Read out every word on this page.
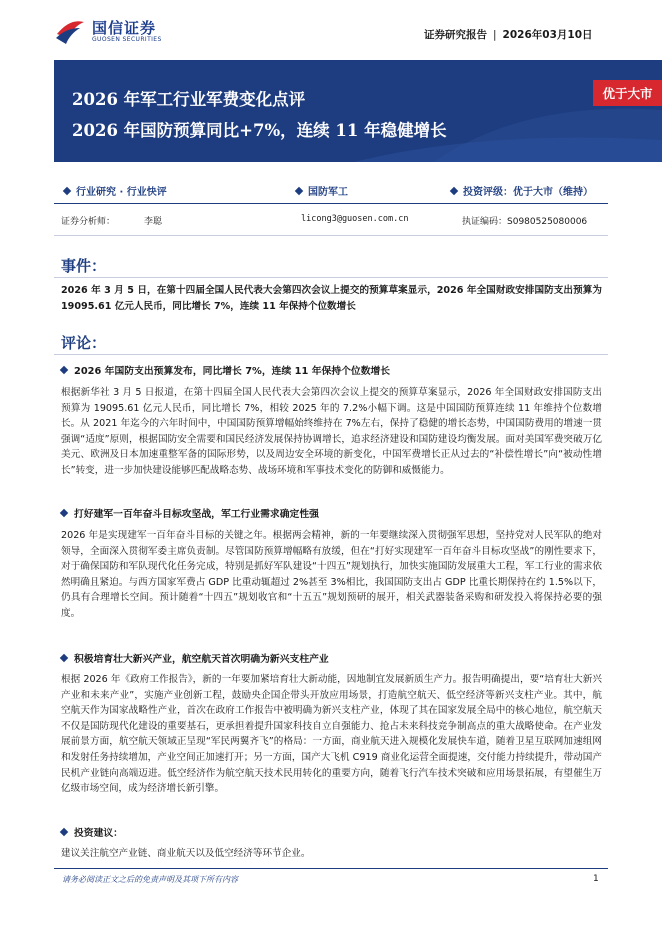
国信证券
GUOSEN SECURITIES	证券研究报告 | 2026年03月10日
2026 年军工行业军费变化点评
2026 年国防预算同比+7%，连续 11 年稳健增长
优于大市
行业研究 · 行业快评	国防军工	投资评级：优于大市（维持）
证券分析师：	李聪	licong3@guosen.com.cn	执证编码：S0980525080006
事件：
2026 年 3 月 5 日，在第十四届全国人民代表大会第四次会议上提交的预算草案显示，2026 年全国财政安排国防支出预算为 19095.61 亿元人民币，同比增长 7%，连续 11 年保持个位数增长
评论：
2026 年国防支出预算发布，同比增长 7%，连续 11 年保持个位数增长
根据新华社 3 月 5 日报道，在第十四届全国人民代表大会第四次会议上提交的预算草案显示，2026 年全国财政安排国防支出预算为 19095.61 亿元人民币，同比增长 7%，相较 2025 年的 7.2%小幅下调。这是中国国防预算连续 11 年维持个位数增长。从 2021 年迄今的六年时间中，中国国防预算增幅始终维持在 7%左右，保持了稳健的增长态势，中国国防费用的增速一贯强调“适度”原则，根据国防安全需要和国民经济发展保持协调增长，追求经济建设和国防建设均衡发展。面对美国军费突破万亿美元、欧洲及日本加速重整军备的国际形势，以及周边安全环境的新变化，中国军费增长正从过去的“补偿性增长”向“被动性增长”转变，进一步加快建设能够匹配战略态势、战场环境和军事技术变化的防御和威慑能力。
打好建军一百年奋斗目标攻坚战，军工行业需求确定性强
2026 年是实现建军一百年奋斗目标的关键之年。根据两会精神，新的一年要继续深入贯彻强军思想，坚持党对人民军队的绝对领导，全面深入贯彻军委主席负责制。尽管国防预算增幅略有放缓，但在“打好实现建军一百年奋斗目标攻坚战”的刚性要求下，对于确保国防和军队现代化任务完成，特别是抓好军队建设“十四五”规划执行，加快实施国防发展重大工程，军工行业的需求依然明确且紧迫。与西方国家军费占 GDP 比重动辄超过 2%甚至 3%相比，我国国防支出占 GDP 比重长期保持在约 1.5%以下，仍具有合理增长空间。预计随着“十四五”规划收官和“十五五”规划预研的展开，相关武器装备采购和研发投入将保持必要的强度。
积极培育壮大新兴产业，航空航天首次明确为新兴支柱产业
根据 2026 年《政府工作报告》，新的一年要加紧培育壮大新动能，因地制宜发展新质生产力。报告明确提出，要“培育壮大新兴产业和未来产业”，实施产业创新工程，鼓励央企国企带头开放应用场景，打造航空航天、低空经济等新兴支柱产业。其中，航空航天作为国家战略性产业，首次在政府工作报告中被明确为新兴支柱产业，体现了其在国家发展全局中的核心地位，航空航天不仅是国防现代化建设的重要基石，更承担着提升国家科技自立自强能力、抢占未来科技竞争制高点的重大战略使命。在产业发展前景方面，航空航天领域正呈现“军民两翼齐飞”的格局：一方面，商业航天进入规模化发展快车道，随着卫星互联网加速组网和发射任务持续增加，产业空间正加速打开；另一方面，国产大飞机 C919 商业化运营全面提速，交付能力持续提升，带动国产民机产业链向高端迈进。低空经济作为航空航天技术民用转化的重要方向，随着飞行汽车技术突破和应用场景拓展，有望催生万亿级市场空间，成为经济增长新引擎。
投资建议：
建议关注航空产业链、商业航天以及低空经济等环节企业。
请务必阅读正文之后的免责声明及其项下所有内容	1
